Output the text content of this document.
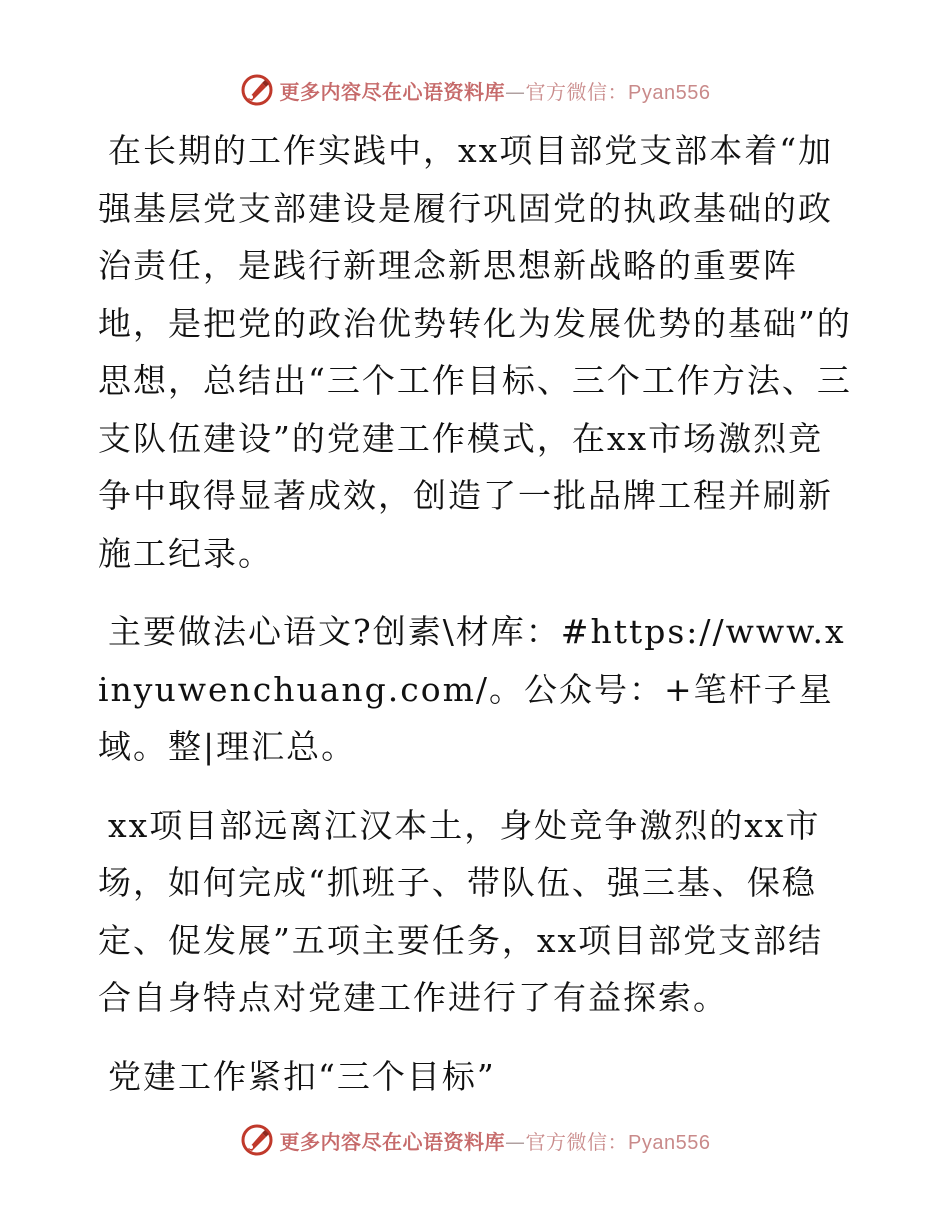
更多内容尽在心语资料库—官方微信：Pyan556

在长期的工作实践中，xx项目部党支部本着“加强基层党支部建设是履行巩固党的执政基础的政治责任，是践行新理念新思想新战略的重要阵地，是把党的政治优势转化为发展优势的基础”的思想，总结出“三个工作目标、三个工作方法、三支队伍建设”的党建工作模式，在xx市场激烈竞争中取得显著成效，创造了一批品牌工程并刷新施工纪录。

主要做法心语文?创素\材库：#https://www.xinyuwenchuang.com/。公众号：+笔杆子星域。整|理汇总。

xx项目部远离江汉本土，身处竞争激烈的xx市场，如何完成“抓班子、带队伍、强三基、保稳定、促发展”五项主要任务，xx项目部党支部结合自身特点对党建工作进行了有益探索。

党建工作紧扣“三个目标”

更多内容尽在心语资料库—官方微信：Pyan556
